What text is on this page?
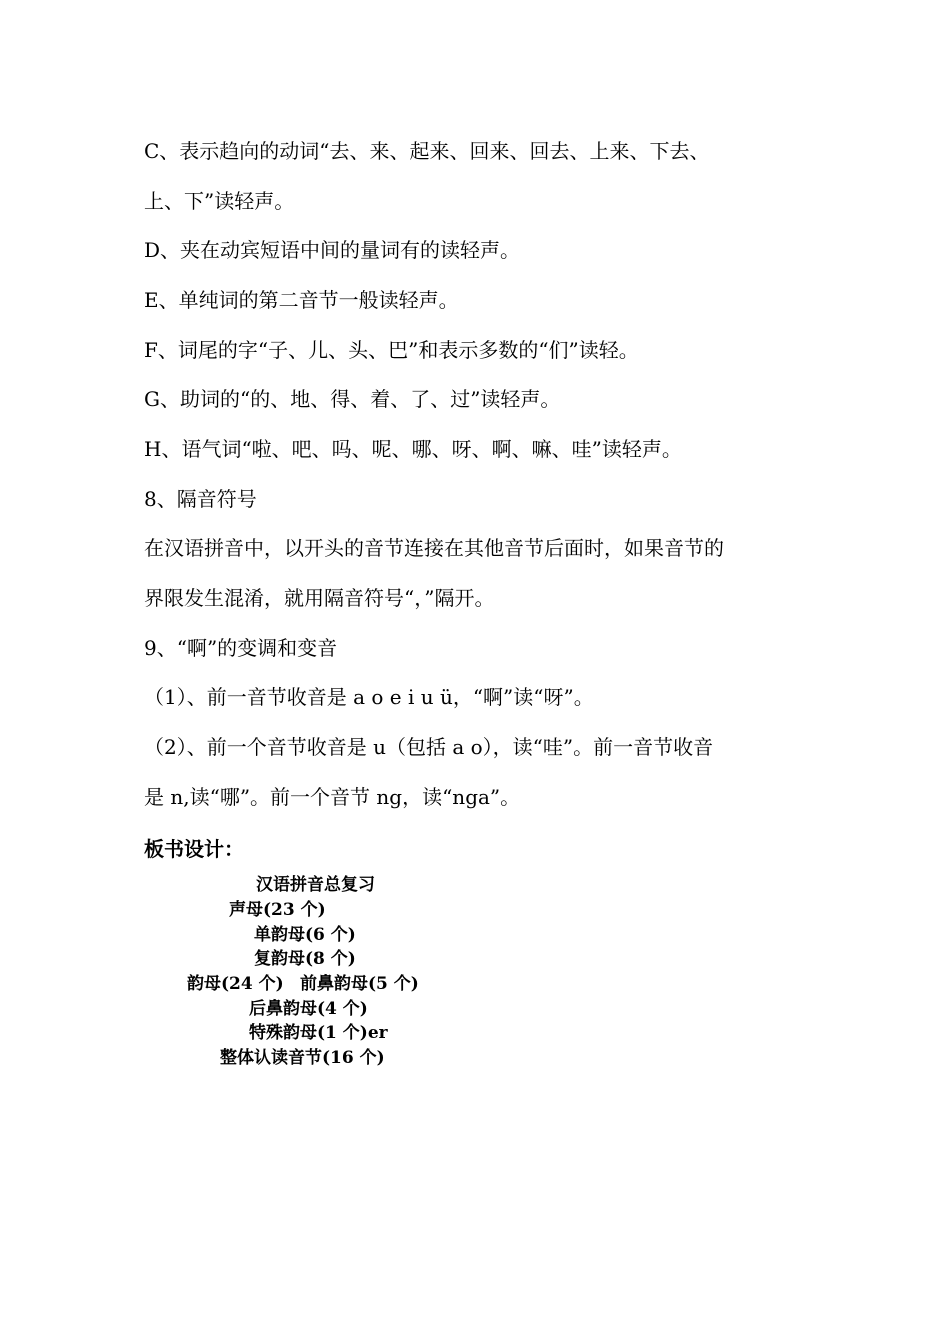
C、表示趋向的动词“去、来、起来、回来、回去、上来、下去、
上、下”读轻声。
D、夹在动宾短语中间的量词有的读轻声。
E、单纯词的第二音节一般读轻声。
F、词尾的字“子、儿、头、巴”和表示多数的“们”读轻。
G、助词的“的、地、得、着、了、过”读轻声。
H、语气词“啦、吧、吗、呢、哪、呀、啊、嘛、哇”读轻声。
8、隔音符号
在汉语拼音中，以开头的音节连接在其他音节后面时，如果音节的
界限发生混淆，就用隔音符号“，”隔开。
9、“啊”的变调和变音
（1）、前一音节收音是 a o e i u ü，“啊”读“呀”。
（2）、前一个音节收音是 u（包括 a o），读“哇”。前一音节收音
是 n,读“哪”。前一个音节 ng，读“nga”。
板书设计：
汉语拼音总复习
声母(23 个)
单韵母(6 个)
复韵母(8 个)
韵母(24 个) 前鼻韵母(5 个)
后鼻韵母(4 个)
特殊韵母(1 个)er
整体认读音节(16 个)
